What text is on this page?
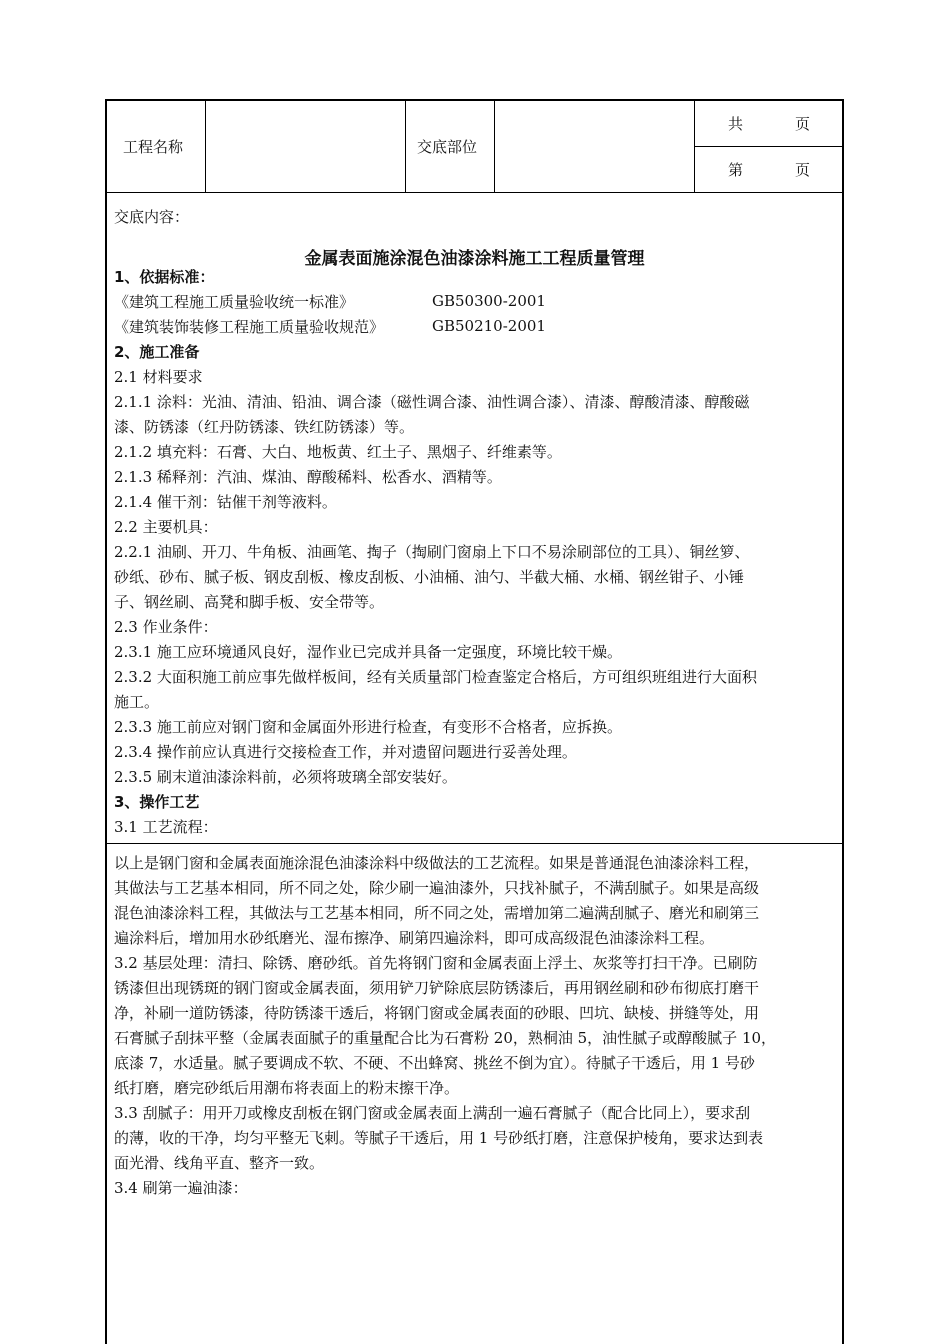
工程名称	交底部位
共	页
第	页
交底内容：
金属表面施涂混色油漆涂料施工工程质量管理
1、依据标准：
《建筑工程施工质量验收统一标准》	GB50300-2001
《建筑装饰装修工程施工质量验收规范》	GB50210-2001
2、施工准备
2.1 材料要求
2.1.1 涂料：光油、清油、铅油、调合漆（磁性调合漆、油性调合漆）、清漆、醇酸清漆、醇酸磁
漆、防锈漆（红丹防锈漆、铁红防锈漆）等。
2.1.2 填充料：石膏、大白、地板黄、红土子、黑烟子、纤维素等。
2.1.3 稀释剂：汽油、煤油、醇酸稀料、松香水、酒精等。
2.1.4 催干剂：钴催干剂等液料。
2.2 主要机具：
2.2.1 油刷、开刀、牛角板、油画笔、掏子（掏刷门窗扇上下口不易涂刷部位的工具）、铜丝箩、
砂纸、砂布、腻子板、钢皮刮板、橡皮刮板、小油桶、油勺、半截大桶、水桶、钢丝钳子、小锤
子、钢丝刷、高凳和脚手板、安全带等。
2.3 作业条件：
2.3.1 施工应环境通风良好，湿作业已完成并具备一定强度，环境比较干燥。
2.3.2 大面积施工前应事先做样板间，经有关质量部门检查鉴定合格后，方可组织班组进行大面积
施工。
2.3.3 施工前应对钢门窗和金属面外形进行检查，有变形不合格者，应拆换。
2.3.4 操作前应认真进行交接检查工作，并对遗留问题进行妥善处理。
2.3.5 刷末道油漆涂料前，必须将玻璃全部安装好。
3、操作工艺
3.1 工艺流程：
以上是钢门窗和金属表面施涂混色油漆涂料中级做法的工艺流程。如果是普通混色油漆涂料工程，
其做法与工艺基本相同，所不同之处，除少刷一遍油漆外，只找补腻子，不满刮腻子。如果是高级
混色油漆涂料工程，其做法与工艺基本相同，所不同之处，需增加第二遍满刮腻子、磨光和刷第三
遍涂料后，增加用水砂纸磨光、湿布擦净、刷第四遍涂料，即可成高级混色油漆涂料工程。
3.2 基层处理：清扫、除锈、磨砂纸。首先将钢门窗和金属表面上浮土、灰浆等打扫干净。已刷防
锈漆但出现锈斑的钢门窗或金属表面，须用铲刀铲除底层防锈漆后，再用钢丝刷和砂布彻底打磨干
净，补刷一道防锈漆，待防锈漆干透后，将钢门窗或金属表面的砂眼、凹坑、缺棱、拼缝等处，用
石膏腻子刮抹平整（金属表面腻子的重量配合比为石膏粉 20，熟桐油 5，油性腻子或醇酸腻子 10，
底漆 7，水适量。腻子要调成不软、不硬、不出蜂窝、挑丝不倒为宜）。待腻子干透后，用 1 号砂
纸打磨，磨完砂纸后用潮布将表面上的粉末擦干净。
3.3 刮腻子：用开刀或橡皮刮板在钢门窗或金属表面上满刮一遍石膏腻子（配合比同上），要求刮
的薄，收的干净，均匀平整无飞刺。等腻子干透后，用 1 号砂纸打磨，注意保护棱角，要求达到表
面光滑、线角平直、整齐一致。
3.4 刷第一遍油漆：
